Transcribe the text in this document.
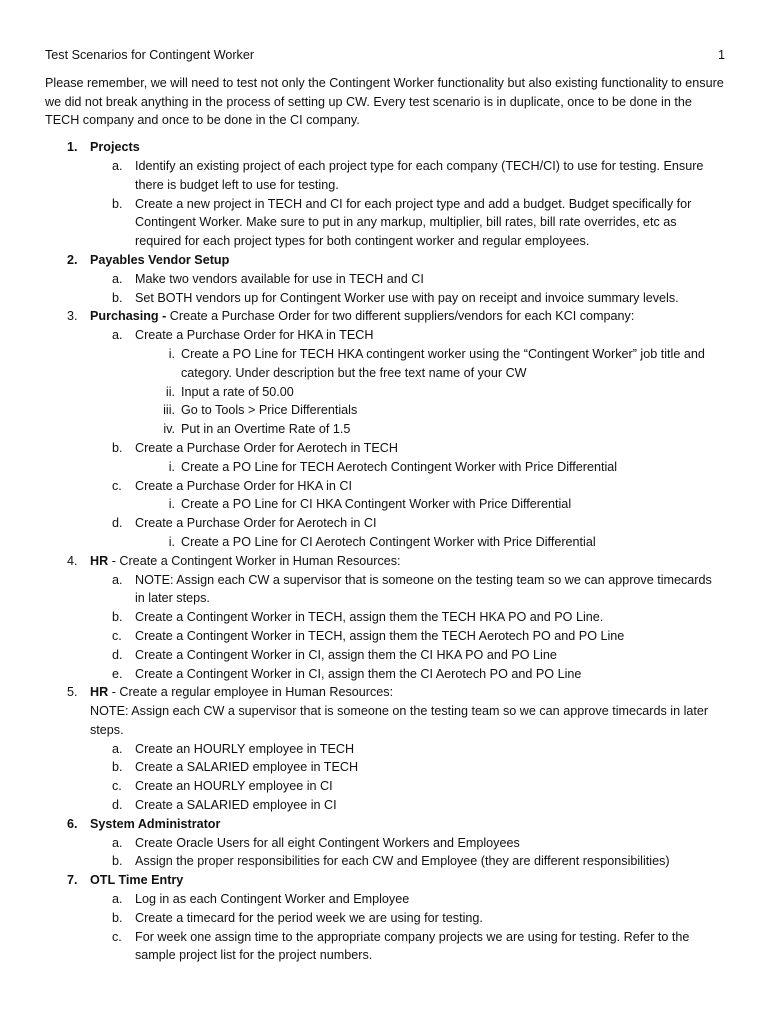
Test Scenarios for Contingent Worker	1

Please remember, we will need to test not only the Contingent Worker functionality but also existing functionality to ensure we did not break anything in the process of setting up CW. Every test scenario is in duplicate, once to be done in the TECH company and once to be done in the CI company.

1. Projects
a. Identify an existing project of each project type for each company (TECH/CI) to use for testing. Ensure there is budget left to use for testing.
b. Create a new project in TECH and CI for each project type and add a budget. Budget specifically for Contingent Worker. Make sure to put in any markup, multiplier, bill rates, bill rate overrides, etc as required for each project types for both contingent worker and regular employees.
2. Payables Vendor Setup
a. Make two vendors available for use in TECH and CI
b. Set BOTH vendors up for Contingent Worker use with pay on receipt and invoice summary levels.
3. Purchasing - Create a Purchase Order for two different suppliers/vendors for each KCI company:
a. Create a Purchase Order for HKA in TECH
i. Create a PO Line for TECH HKA contingent worker using the “Contingent Worker” job title and category. Under description but the free text name of your CW
ii. Input a rate of 50.00
iii. Go to Tools > Price Differentials
iv. Put in an Overtime Rate of 1.5
b. Create a Purchase Order for Aerotech in TECH
i. Create a PO Line for TECH Aerotech Contingent Worker with Price Differential
c. Create a Purchase Order for HKA in CI
i. Create a PO Line for CI HKA Contingent Worker with Price Differential
d. Create a Purchase Order for Aerotech in CI
i. Create a PO Line for CI Aerotech Contingent Worker with Price Differential
4. HR - Create a Contingent Worker in Human Resources:
a. NOTE: Assign each CW a supervisor that is someone on the testing team so we can approve timecards in later steps.
b. Create a Contingent Worker in TECH, assign them the TECH HKA PO and PO Line.
c. Create a Contingent Worker in TECH, assign them the TECH Aerotech PO and PO Line
d. Create a Contingent Worker in CI, assign them the CI HKA PO and PO Line
e. Create a Contingent Worker in CI, assign them the CI Aerotech PO and PO Line
5. HR - Create a regular employee in Human Resources:
NOTE: Assign each CW a supervisor that is someone on the testing team so we can approve timecards in later steps.
a. Create an HOURLY employee in TECH
b. Create a SALARIED employee in TECH
c. Create an HOURLY employee in CI
d. Create a SALARIED employee in CI
6. System Administrator
a. Create Oracle Users for all eight Contingent Workers and Employees
b. Assign the proper responsibilities for each CW and Employee (they are different responsibilities)
7. OTL Time Entry
a. Log in as each Contingent Worker and Employee
b. Create a timecard for the period week we are using for testing.
c. For week one assign time to the appropriate company projects we are using for testing. Refer to the sample project list for the project numbers.
